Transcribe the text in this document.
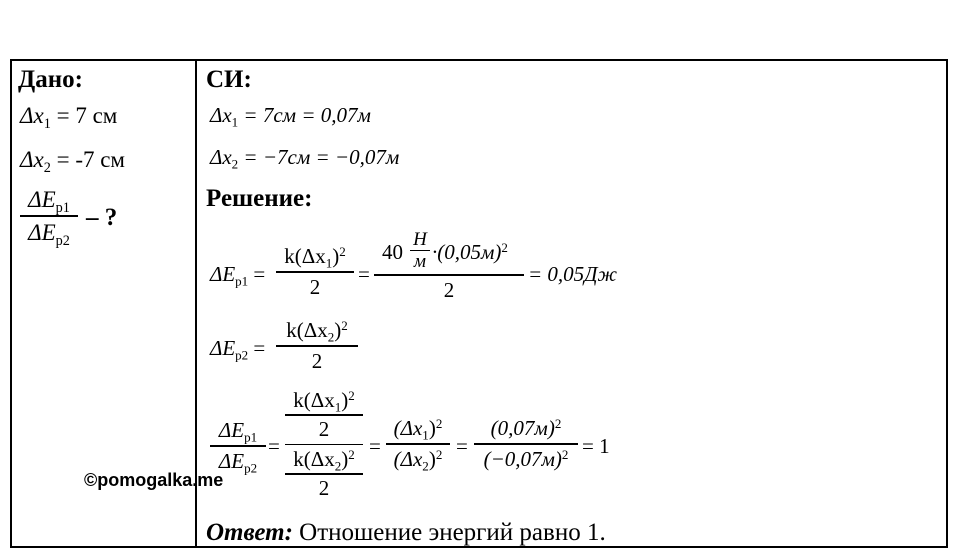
Дано:
$\Delta x_1 = 7$ см
$\Delta x_2 = -7$ см
$\Delta E_{p1}$
$\Delta E_{p2}$
– ?
СИ:
$\Delta x_1 = 7см = 0,07м$
$\Delta x_2 = -7см = -0,07м$
Решение:
$\Delta E_{p1}$ =
$k(\Delta x_1)^2$
2
=
40
Н
$м \cdot(0,05м)^2$
2
= 0,05Дж
$\Delta E_{p2}$ =
$k(\Delta x_2)^2$
2
$\Delta E_{p1}$
$\Delta E_{p2}$
=
$k(\Delta x_1)^2$
2
$k(\Delta x_2)^2$
2
=
$(\Delta x_1)^2$
$(\Delta x_2)^2$ =
$(0,07м)^2$
$(-0,07м)^2 = 1$
Ответ: Отношение энергий равно 1.
©pomogalka.me
